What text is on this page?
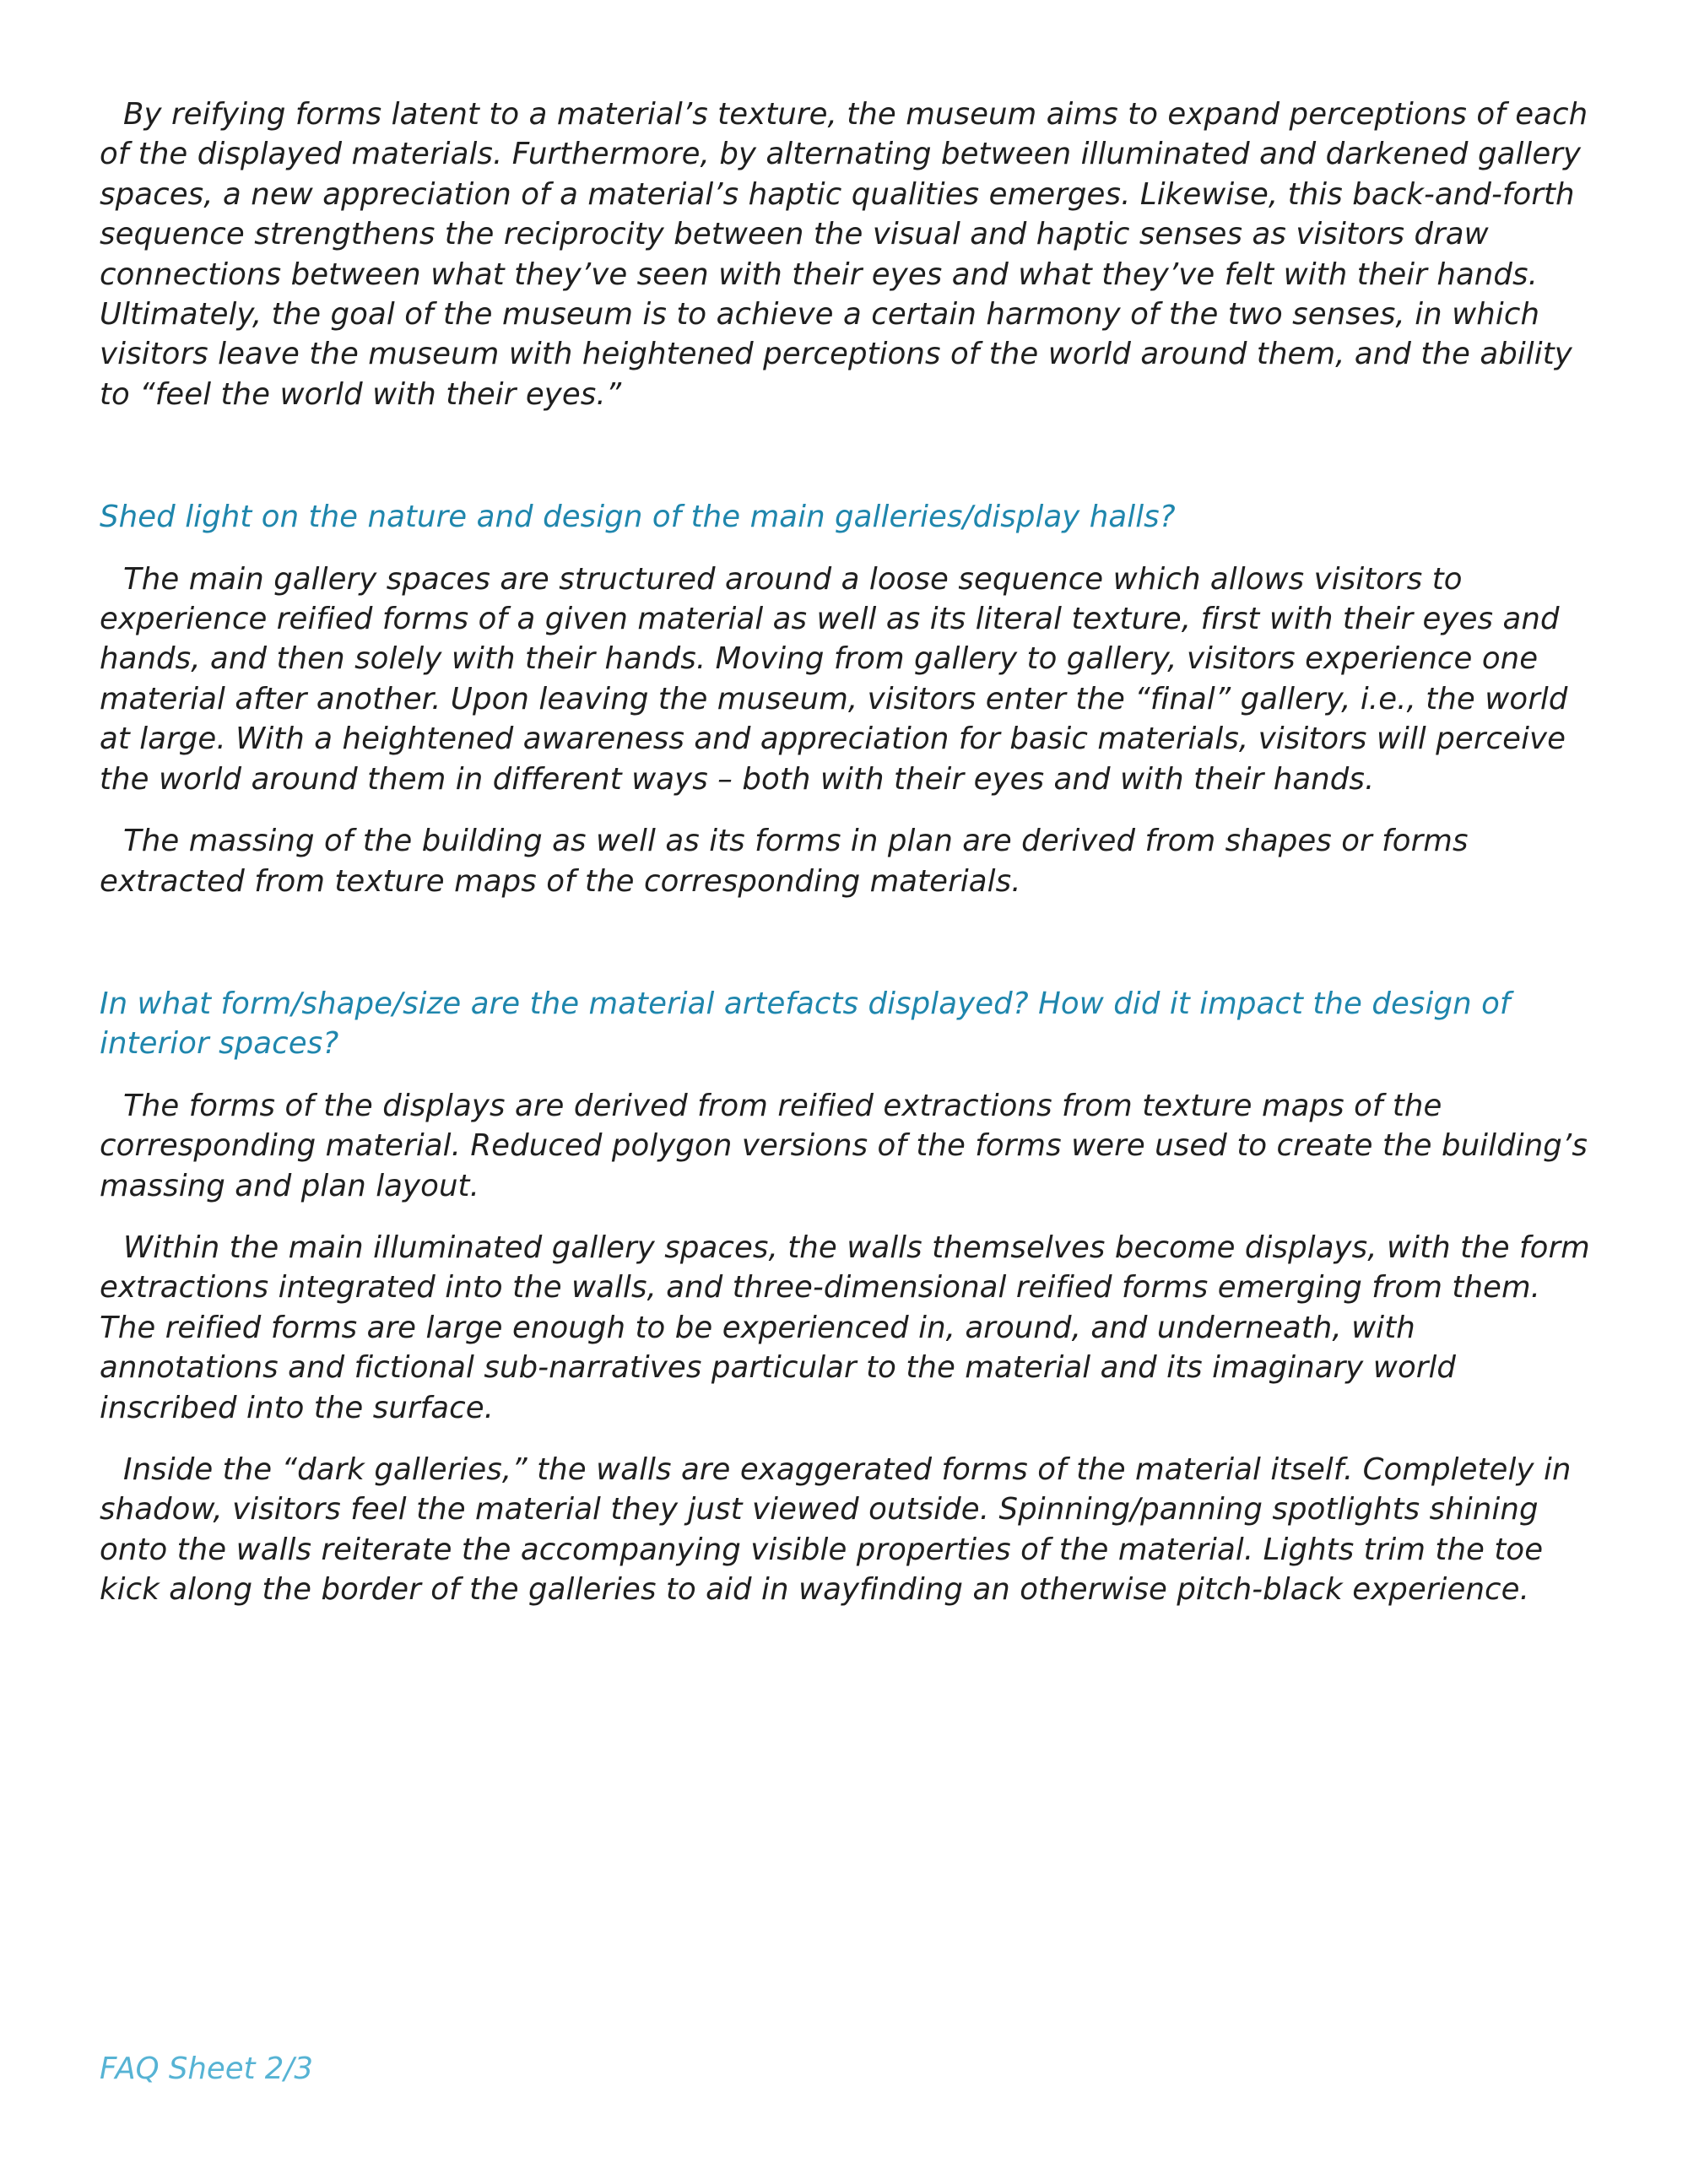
By reifying forms latent to a material’s texture, the museum aims to expand perceptions of each of the displayed materials. Furthermore, by alternating between illuminated and darkened gallery spaces, a new appreciation of a material’s haptic qualities emerges. Likewise, this back-and-forth sequence strengthens the reciprocity between the visual and haptic senses as visitors draw connections between what they’ve seen with their eyes and what they’ve felt with their hands. Ultimately, the goal of the museum is to achieve a certain harmony of the two senses, in which visitors leave the museum with heightened perceptions of the world around them, and the ability to “feel the world with their eyes.”

Shed light on the nature and design of the main galleries/display halls?

The main gallery spaces are structured around a loose sequence which allows visitors to experience reified forms of a given material as well as its literal texture, first with their eyes and hands, and then solely with their hands. Moving from gallery to gallery, visitors experience one material after another. Upon leaving the museum, visitors enter the “final” gallery, i.e., the world at large. With a heightened awareness and appreciation for basic materials, visitors will perceive the world around them in different ways – both with their eyes and with their hands.

The massing of the building as well as its forms in plan are derived from shapes or forms extracted from texture maps of the corresponding materials.

In what form/shape/size are the material artefacts displayed? How did it impact the design of interior spaces?

The forms of the displays are derived from reified extractions from texture maps of the corresponding material. Reduced polygon versions of the forms were used to create the building’s massing and plan layout.

Within the main illuminated gallery spaces, the walls themselves become displays, with the form extractions integrated into the walls, and three-dimensional reified forms emerging from them. The reified forms are large enough to be experienced in, around, and underneath, with annotations and fictional sub-narratives particular to the material and its imaginary world inscribed into the surface.

Inside the “dark galleries,” the walls are exaggerated forms of the material itself. Completely in shadow, visitors feel the material they just viewed outside. Spinning/panning spotlights shining onto the walls reiterate the accompanying visible properties of the material. Lights trim the toe kick along the border of the galleries to aid in wayfinding an otherwise pitch-black experience.

FAQ Sheet 2/3
